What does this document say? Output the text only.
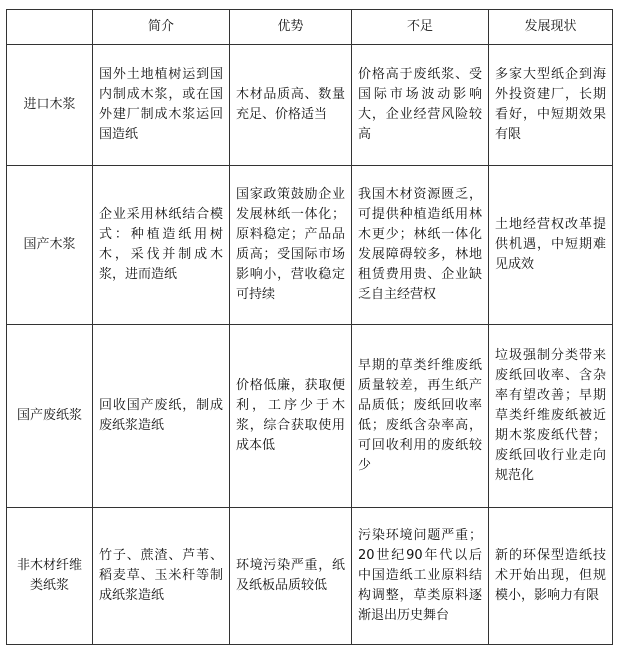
	简介	优势	不足	发展现状
进口木浆	国外土地植树运到国内制成木浆，或在国外建厂制成木浆运回国造纸	木材品质高、数量充足、价格适当	价格高于废纸浆、受国际市场波动影响大，企业经营风险较高	多家大型纸企到海外投资建厂，长期看好，中短期效果有限
国产木浆	企业采用林纸结合模式：种植造纸用树木，采伐并制成木浆，进而造纸	国家政策鼓励企业发展林纸一体化；原料稳定；产品品质高；受国际市场影响小，营收稳定可持续	我国木材资源匮乏，可提供种植造纸用林木更少；林纸一体化发展障碍较多，林地租赁费用贵、企业缺乏自主经营权	土地经营权改革提供机遇，中短期难见成效
国产废纸浆	回收国产废纸，制成废纸浆造纸	价格低廉，获取便利，工序少于木浆，综合获取使用成本低	早期的草类纤维废纸质量较差，再生纸产品质低；废纸回收率低；废纸含杂率高，可回收利用的废纸较少	垃圾强制分类带来废纸回收率、含杂率有望改善；早期草类纤维废纸被近期木浆废纸代替；废纸回收行业走向规范化
非木材纤维类纸浆	竹子、蔗渣、芦苇、稻麦草、玉米秆等制成纸浆造纸	环境污染严重，纸及纸板品质较低	污染环境问题严重；20世纪90年代以后中国造纸工业原料结构调整，草类原料逐渐退出历史舞台	新的环保型造纸技术开始出现，但规模小，影响力有限
